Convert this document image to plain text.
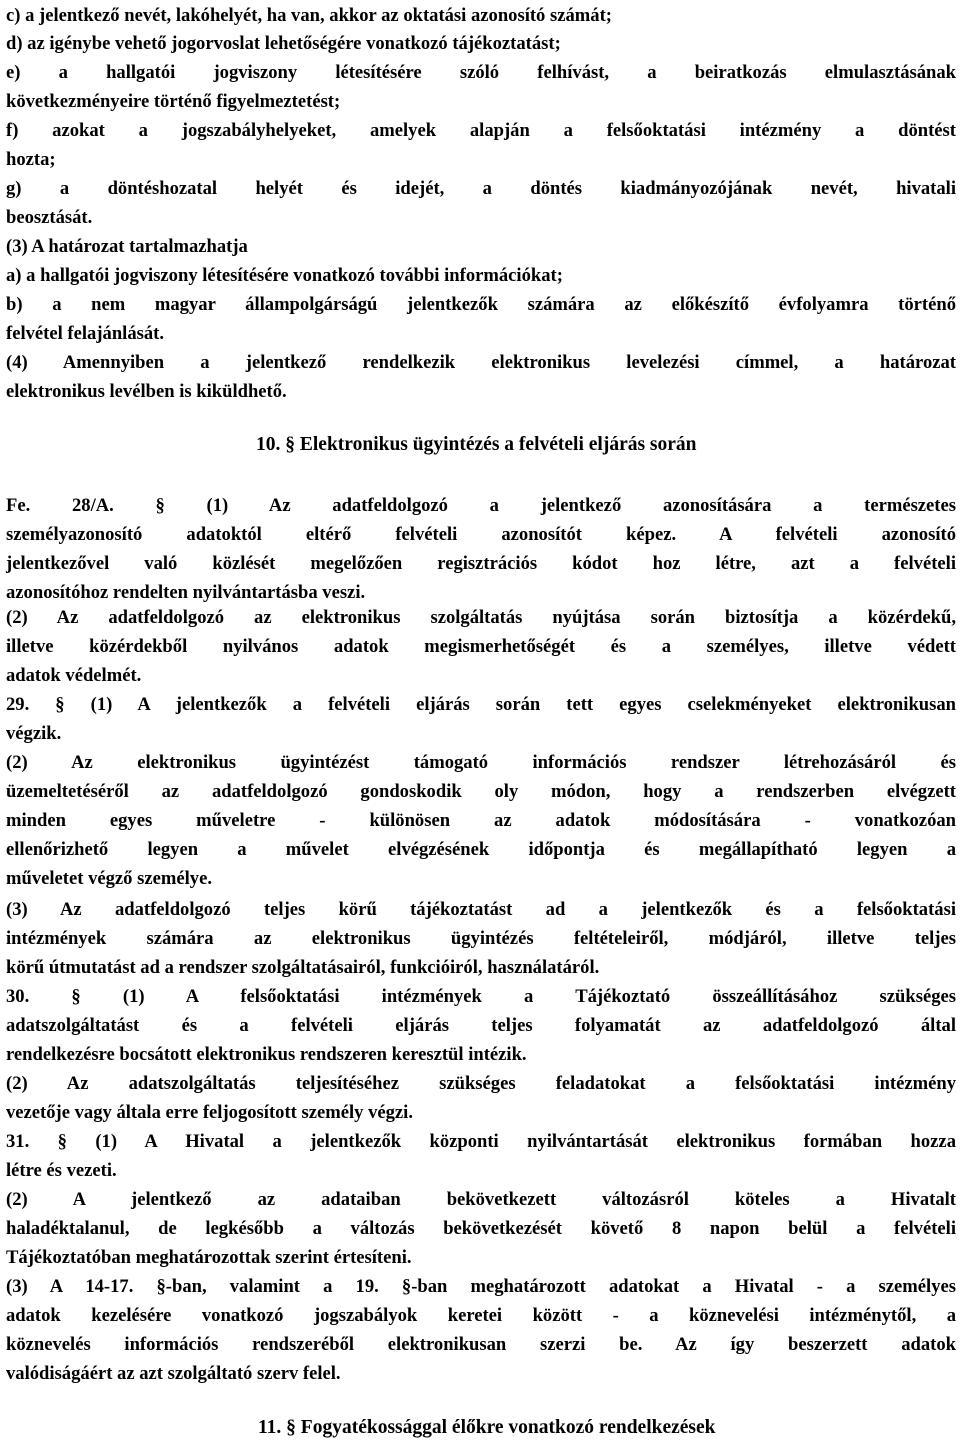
c) a jelentkező nevét, lakóhelyét, ha van, akkor az oktatási azonosító számát;
d) az igénybe vehető jogorvoslat lehetőségére vonatkozó tájékoztatást;
e) a hallgatói jogviszony létesítésére szóló felhívást, a beiratkozás elmulasztásának
következményeire történő figyelmeztetést;
f) azokat a jogszabályhelyeket, amelyek alapján a felsőoktatási intézmény a döntést
hozta;
g) a döntéshozatal helyét és idejét, a döntés kiadmányozójának nevét, hivatali
beosztását.
(3) A határozat tartalmazhatja
a) a hallgatói jogviszony létesítésére vonatkozó további információkat;
b) a nem magyar állampolgárságú jelentkezők számára az előkészítő évfolyamra történő
felvétel felajánlását.
(4) Amennyiben a jelentkező rendelkezik elektronikus levelezési címmel, a határozat
elektronikus levélben is kiküldhető.
10. § Elektronikus ügyintézés a felvételi eljárás során
Fe. 28/A. § (1) Az adatfeldolgozó a jelentkező azonosítására a természetes
személyazonosító adatoktól eltérő felvételi azonosítót képez. A felvételi azonosító
jelentkezővel való közlését megelőzően regisztrációs kódot hoz létre, azt a felvételi
azonosítóhoz rendelten nyilvántartásba veszi.
(2) Az adatfeldolgozó az elektronikus szolgáltatás nyújtása során biztosítja a közérdekű,
illetve közérdekből nyilvános adatok megismerhetőségét és a személyes, illetve védett
adatok védelmét.
29. § (1) A jelentkezők a felvételi eljárás során tett egyes cselekményeket elektronikusan
végzik.
(2) Az elektronikus ügyintézést támogató információs rendszer létrehozásáról és
üzemeltetéséről az adatfeldolgozó gondoskodik oly módon, hogy a rendszerben elvégzett
minden egyes műveletre - különösen az adatok módosítására - vonatkozóan
ellenőrizhető legyen a művelet elvégzésének időpontja és megállapítható legyen a
műveletet végző személye.
(3) Az adatfeldolgozó teljes körű tájékoztatást ad a jelentkezők és a felsőoktatási
intézmények számára az elektronikus ügyintézés feltételeiről, módjáról, illetve teljes
körű útmutatást ad a rendszer szolgáltatásairól, funkcióiról, használatáról.
30. § (1) A felsőoktatási intézmények a Tájékoztató összeállításához szükséges
adatszolgáltatást és a felvételi eljárás teljes folyamatát az adatfeldolgozó által
rendelkezésre bocsátott elektronikus rendszeren keresztül intézik.
(2) Az adatszolgáltatás teljesítéséhez szükséges feladatokat a felsőoktatási intézmény
vezetője vagy általa erre feljogosított személy végzi.
31. § (1) A Hivatal a jelentkezők központi nyilvántartását elektronikus formában hozza
létre és vezeti.
(2) A jelentkező az adataiban bekövetkezett változásról köteles a Hivatalt
haladéktalanul, de legkésőbb a változás bekövetkezését követő 8 napon belül a felvételi
Tájékoztatóban meghatározottak szerint értesíteni.
(3) A 14-17. §-ban, valamint a 19. §-ban meghatározott adatokat a Hivatal - a személyes
adatok kezelésére vonatkozó jogszabályok keretei között - a köznevelési intézménytől, a
köznevelés információs rendszeréből elektronikusan szerzi be. Az így beszerzett adatok
valódiságáért az azt szolgáltató szerv felel.
11. § Fogyatékossággal élőkre vonatkozó rendelkezések
